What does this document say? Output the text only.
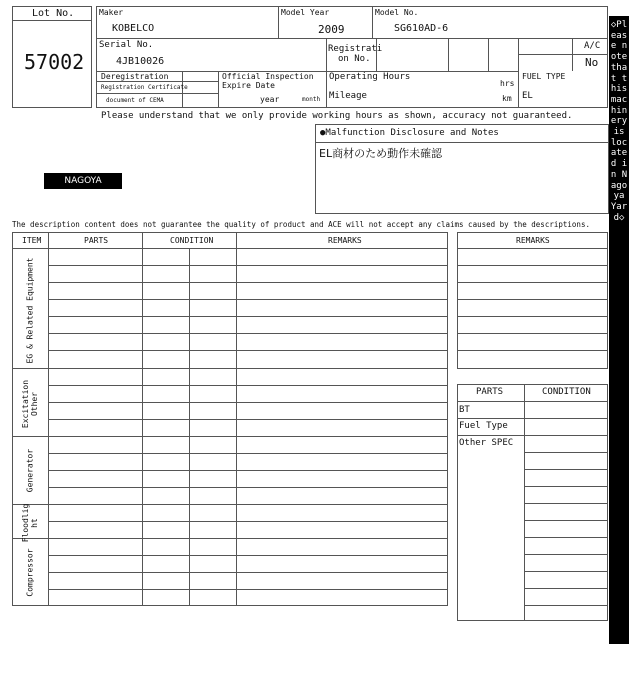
Lot No.
57002
Maker
KOBELCO
Model Year
2009
Model No.
SG610AD-6
Serial No.
4JB10026
Registrati
on No.
A/C
No
Deregistration
Registration Certificate
document of CEMA
Official Inspection
Expire Date
year	month
Operating Hours
hrs
Mileage	km
FUEL TYPE
EL
Please understand that we only provide working hours as shown, accuracy not guaranteed.
●Malfunction Disclosure and Notes
EL商材のため動作未確認
NAGOYA
The description content does not guarantee the quality of product and ACE will not accept any claims caused by the descriptions.
ITEM	PARTS	CONDITION	REMARKS
EG & Related Equipment
Excitation Other
Generator
Floodlight
Compressor
REMARKS
PARTS	CONDITION
BT
Fuel Type
Other SPEC
◇Please note that this machinery is located in Nagoya Yard◇
